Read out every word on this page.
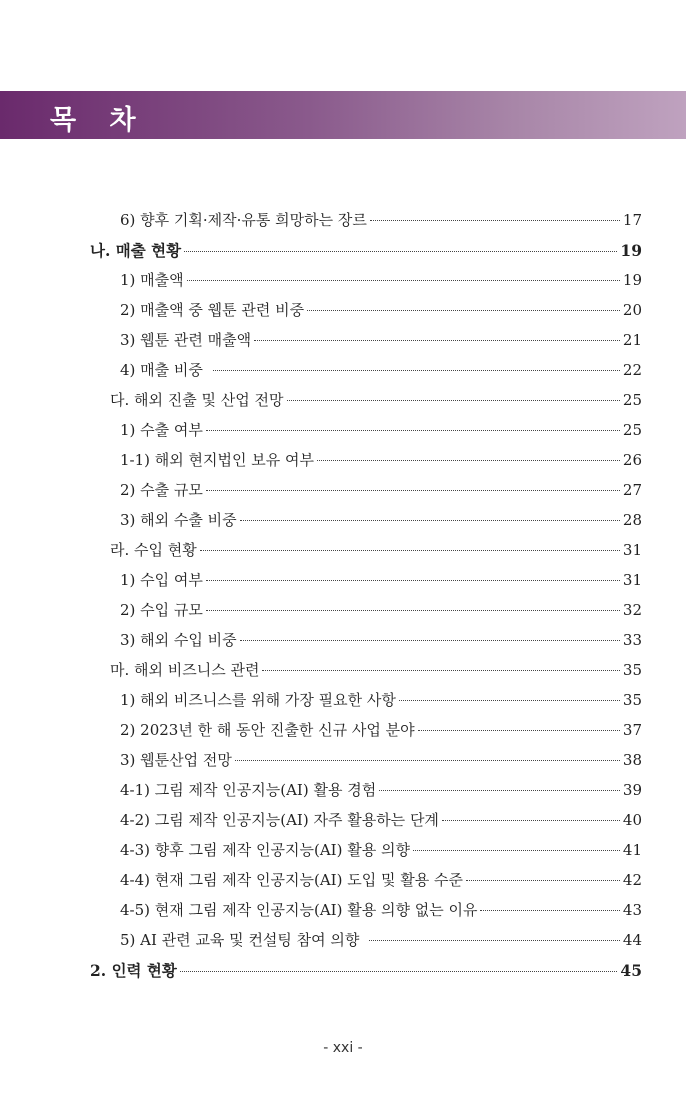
목 차
6) 향후 기획·제작·유통 희망하는 장르	17
나. 매출 현황	19
1) 매출액	19
2) 매출액 중 웹툰 관련 비중	20
3) 웹툰 관련 매출액	21
4) 매출 비중	22
다. 해외 진출 및 산업 전망	25
1) 수출 여부	25
1-1) 해외 현지법인 보유 여부	26
2) 수출 규모	27
3) 해외 수출 비중	28
라. 수입 현황	31
1) 수입 여부	31
2) 수입 규모	32
3) 해외 수입 비중	33
마. 해외 비즈니스 관련	35
1) 해외 비즈니스를 위해 가장 필요한 사항	35
2) 2023년 한 해 동안 진출한 신규 사업 분야	37
3) 웹툰산업 전망	38
4-1) 그림 제작 인공지능(AI) 활용 경험	39
4-2) 그림 제작 인공지능(AI) 자주 활용하는 단계	40
4-3) 향후 그림 제작 인공지능(AI) 활용 의향	41
4-4) 현재 그림 제작 인공지능(AI) 도입 및 활용 수준	42
4-5) 현재 그림 제작 인공지능(AI) 활용 의향 없는 이유	43
5) AI 관련 교육 및 컨설팅 참여 의향	44
2. 인력 현황	45
- xxi -
